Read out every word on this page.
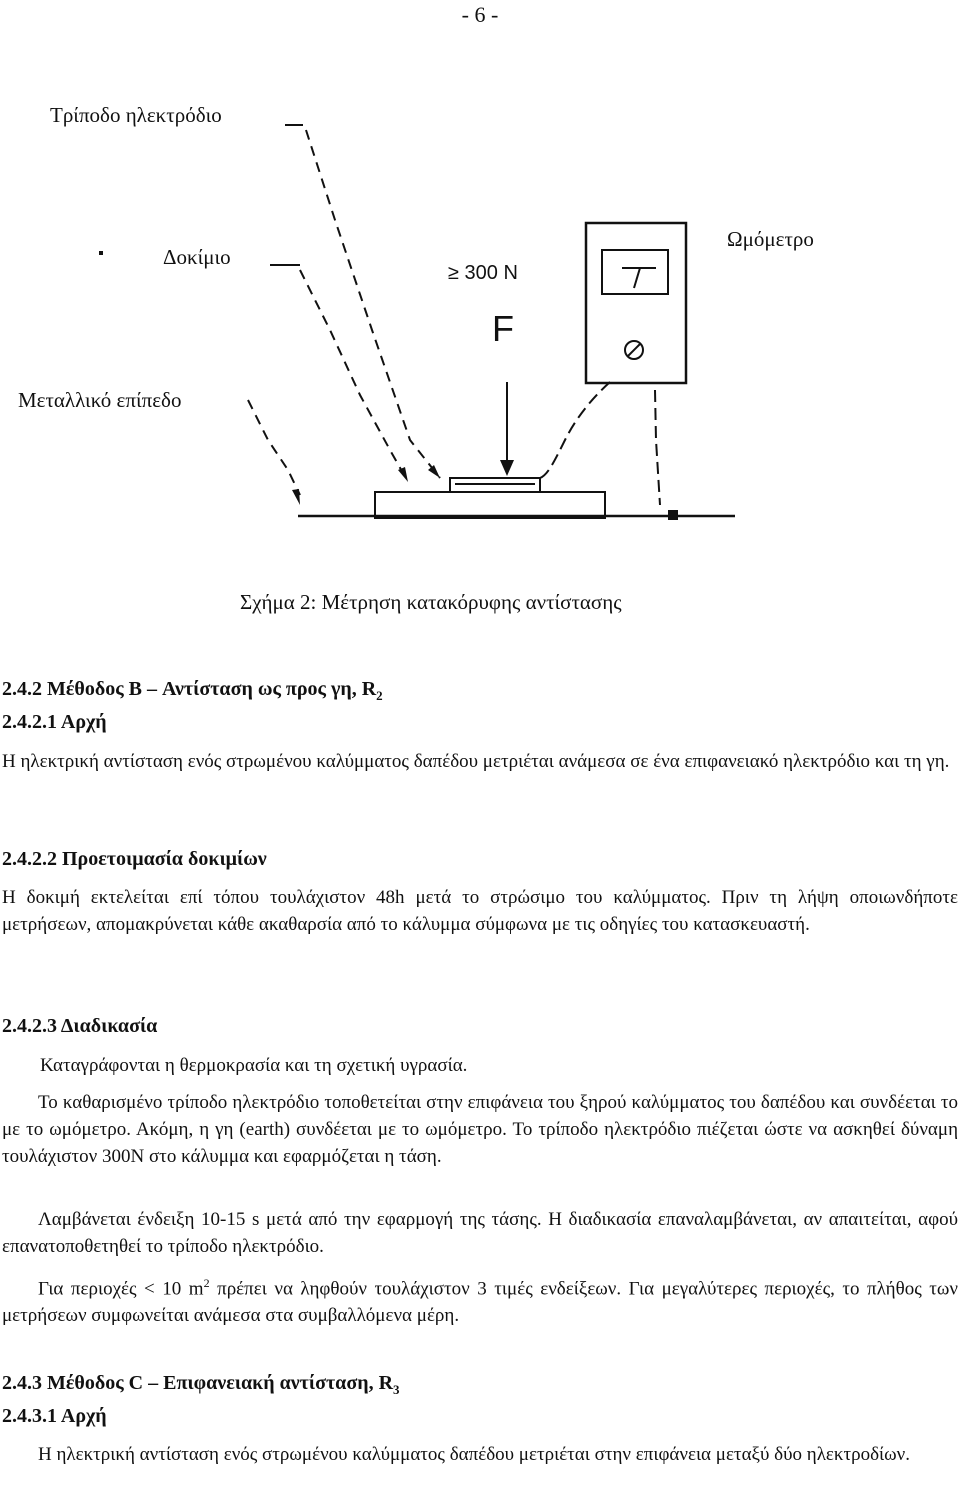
- 6 -
Τρίποδο ηλεκτρόδιο
Δοκίμιο
Ωμόμετρο
Μεταλλικό επίπεδο
≥ 300 N
F
Σχήμα 2: Μέτρηση κατακόρυφης αντίστασης
2.4.2 Μέθοδος B – Αντίσταση ως προς γη, $R_2$
2.4.2.1 Αρχή
Η ηλεκτρική αντίσταση ενός στρωμένου καλύμματος δαπέδου μετριέται ανάμεσα σε ένα επιφανειακό ηλεκτρόδιο και τη γη.
2.4.2.2 Προετοιμασία δοκιμίων
Η δοκιμή εκτελείται επί τόπου τουλάχιστον 48h μετά το στρώσιμο του καλύμματος. Πριν τη λήψη οποιωνδήποτε μετρήσεων, απομακρύνεται κάθε ακαθαρσία από το κάλυμμα σύμφωνα με τις οδηγίες του κατασκευαστή.
2.4.2.3 Διαδικασία
Καταγράφονται η θερμοκρασία και τη σχετική υγρασία.
Το καθαρισμένο τρίποδο ηλεκτρόδιο τοποθετείται στην επιφάνεια του ξηρού καλύμματος του δαπέδου και συνδέεται το με το ωμόμετρο. Ακόμη, η γη (earth) συνδέεται με το ωμόμετρο. Το τρίποδο ηλεκτρόδιο πιέζεται ώστε να ασκηθεί δύναμη τουλάχιστον 300N στο κάλυμμα και εφαρμόζεται η τάση.
Λαμβάνεται ένδειξη 10-15 s μετά από την εφαρμογή της τάσης. Η διαδικασία επαναλαμβάνεται, αν απαιτείται, αφού επανατοποθετηθεί το τρίποδο ηλεκτρόδιο.
Για περιοχές < 10 $m^2$ πρέπει να ληφθούν τουλάχιστον 3 τιμές ενδείξεων. Για μεγαλύτερες περιοχές, το πλήθος των μετρήσεων συμφωνείται ανάμεσα στα συμβαλλόμενα μέρη.
2.4.3 Μέθοδος C – Επιφανειακή αντίσταση, $R_3$
2.4.3.1 Αρχή
Η ηλεκτρική αντίσταση ενός στρωμένου καλύμματος δαπέδου μετριέται στην επιφάνεια μεταξύ δύο ηλεκτροδίων.
